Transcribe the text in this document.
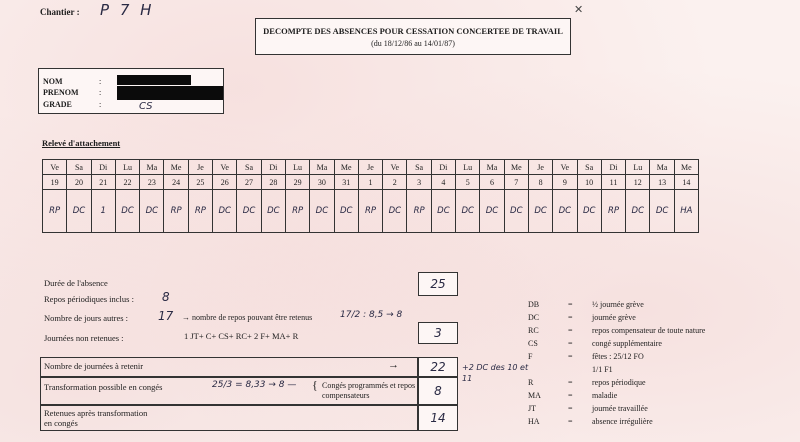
Chantier : P 7 H	✕
DECOMPTE DES ABSENCES POUR CESSATION CONCERTEE DE TRAVAIL
(du 18/12/86 au 14/01/87)
NOM	:
PRENOM	:
GRADE	:	CS
Relevé d'attachement
Ve	Sa	Di	Lu	Ma	Me	Je	Ve	Sa	Di	Lu	Ma	Me	Je	Ve	Sa	Di	Lu	Ma	Me	Je	Ve	Sa	Di	Lu	Ma	Me
19	20	21	22	23	24	25	26	27	28	29	30	31	1	2	3	4	5	6	7	8	9	10	11	12	13	14
RP	DC	1	DC	DC	RP	RP	DC	DC	DC	RP	DC	DC	RP	DC	RP	DC	DC	DC	DC	DC	DC	DC	RP	DC	DC	HA
Durée de l'absence	25
Repos périodiques inclus : 8
Nombre de jours autres : 17 → nombre de repos pouvant être retenus	17/2 : 8,5 → 8
Journées non retenues :	1 JT+ C+ CS+ RC+ 2 F+ MA+ R	3
Nombre de journées à retenir	→	22	+2 DC des 10 et 11
Transformation possible en congés	25/3 = 8,33 → 8 — { Congés programmés et repos compensateurs	8
Retenues après transformation
en congés	14
DB	= ½ journée grève
DC	= journée grève
RC	= repos compensateur de toute nature
CS	= congé supplémentaire
F	= fêtes : 25/12 FO
1/1 F1
R	= repos périodique
MA	= maladie
JT	= journée travaillée
HA	= absence irrégulière
